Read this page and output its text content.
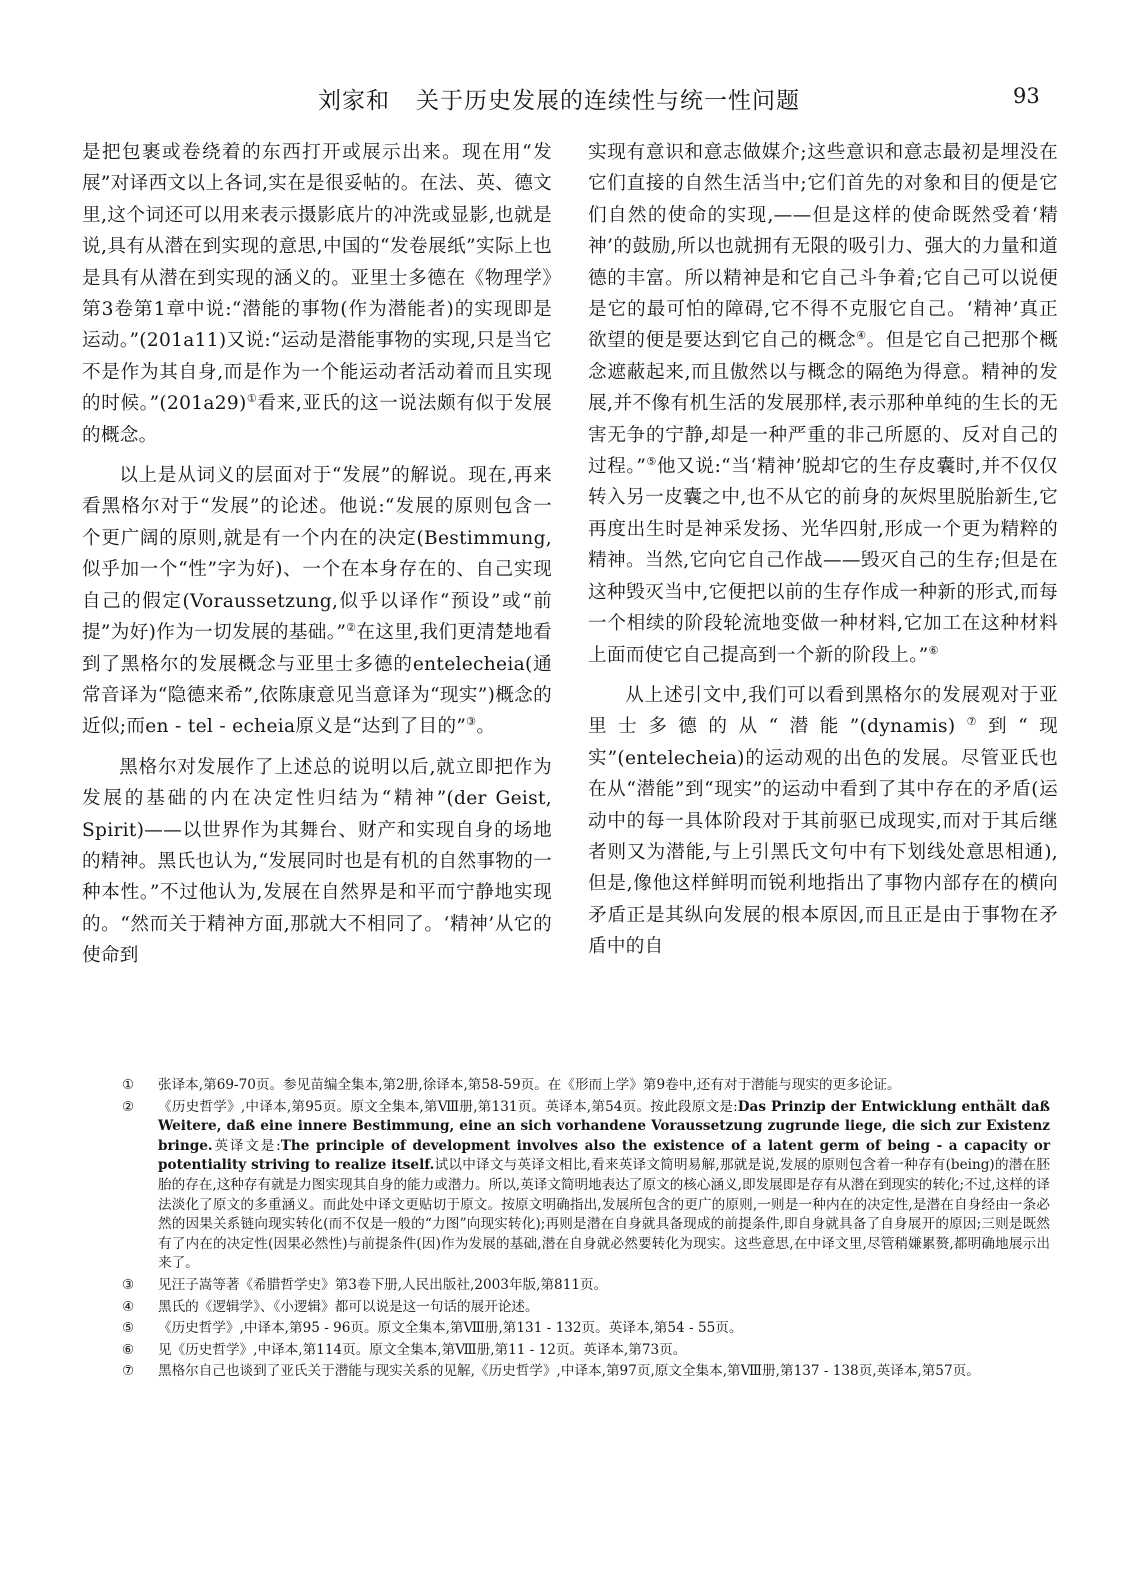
刘家和 关于历史发展的连续性与统一性问题	93

是把包裹或卷绕着的东西打开或展示出来。现在用“发展”对译西文以上各词,实在是很妥帖的。在法、英、德文里,这个词还可以用来表示摄影底片的冲洗或显影,也就是说,具有从潜在到实现的意思,中国的“发卷展纸”实际上也是具有从潜在到实现的涵义的。亚里士多德在《物理学》第3卷第1章中说:“潜能的事物(作为潜能者)的实现即是运动。”(201a11)又说:“运动是潜能事物的实现,只是当它不是作为其自身,而是作为一个能运动者活动着而且实现的时候。”(201a29)①看来,亚氏的这一说法颇有似于发展的概念。

以上是从词义的层面对于“发展”的解说。现在,再来看黑格尔对于“发展”的论述。他说:“发展的原则包含一个更广阔的原则,就是有一个内在的决定(Bestimmung,似乎加一个“性”字为好)、一个在本身存在的、自己实现自己的假定(Voraussetzung,似乎以译作“预设”或“前提”为好)作为一切发展的基础。”②在这里,我们更清楚地看到了黑格尔的发展概念与亚里士多德的entelecheia(通常音译为“隐德来希”,依陈康意见当意译为“现实”)概念的近似;而en - tel - echeia原义是“达到了目的”③。

黑格尔对发展作了上述总的说明以后,就立即把作为发展的基础的内在决定性归结为“精神”(der Geist, Spirit)——以世界作为其舞台、财产和实现自身的场地的精神。黑氏也认为,“发展同时也是有机的自然事物的一种本性。”不过他认为,发展在自然界是和平而宁静地实现的。“然而关于精神方面,那就大不相同了。‘精神’从它的使命到

实现有意识和意志做媒介;这些意识和意志最初是埋没在它们直接的自然生活当中;它们首先的对象和目的便是它们自然的使命的实现,——但是这样的使命既然受着‘精神’的鼓励,所以也就拥有无限的吸引力、强大的力量和道德的丰富。所以精神是和它自己斗争着;它自己可以说便是它的最可怕的障碍,它不得不克服它自己。‘精神’真正欲望的便是要达到它自己的概念④。但是它自己把那个概念遮蔽起来,而且傲然以与概念的隔绝为得意。精神的发展,并不像有机生活的发展那样,表示那种单纯的生长的无害无争的宁静,却是一种严重的非己所愿的、反对自己的过程。”⑤他又说:“当‘精神’脱却它的生存皮囊时,并不仅仅转入另一皮囊之中,也不从它的前身的灰烬里脱胎新生,它再度出生时是神采发扬、光华四射,形成一个更为精粹的精神。当然,它向它自己作战——毁灭自己的生存;但是在这种毁灭当中,它便把以前的生存作成一种新的形式,而每一个相续的阶段轮流地变做一种材料,它加工在这种材料上面而使它自己提高到一个新的阶段上。”⑥

从上述引文中,我们可以看到黑格尔的发展观对于亚里士多德的从“潜能”(dynamis)⑦到“现实”(entelecheia)的运动观的出色的发展。尽管亚氏也在从“潜能”到“现实”的运动中看到了其中存在的矛盾(运动中的每一具体阶段对于其前驱已成现实,而对于其后继者则又为潜能,与上引黑氏文句中有下划线处意思相通),但是,像他这样鲜明而锐利地指出了事物内部存在的横向矛盾正是其纵向发展的根本原因,而且正是由于事物在矛盾中的自

①	张译本,第69-70页。参见苗编全集本,第2册,徐译本,第58-59页。在《形而上学》第9卷中,还有对于潜能与现实的更多论证。
②	《历史哲学》,中译本,第95页。原文全集本,第Ⅷ册,第131页。英译本,第54页。按此段原文是:Das Prinzip der Entwicklung enthält daß Weitere, daß eine innere Bestimmung, eine an sich vorhandene Voraussetzung zugrunde liege, die sich zur Existenz bringe.英译文是:The principle of development involves also the existence of a latent germ of being - a capacity or potentiality striving to realize itself.试以中译文与英译文相比,看来英译文简明易解,那就是说,发展的原则包含着一种存有(being)的潜在胚胎的存在,这种存有就是力图实现其自身的能力或潜力。所以,英译文简明地表达了原文的核心涵义,即发展即是存有从潜在到现实的转化;不过,这样的译法淡化了原文的多重涵义。而此处中译文更贴切于原文。按原文明确指出,发展所包含的更广的原则,一则是一种内在的决定性,是潜在自身经由一条必然的因果关系链向现实转化(而不仅是一般的“力图”向现实转化);再则是潜在自身就具备现成的前提条件,即自身就具备了自身展开的原因;三则是既然有了内在的决定性(因果必然性)与前提条件(因)作为发展的基础,潜在自身就必然要转化为现实。这些意思,在中译文里,尽管稍嫌累赘,都明确地展示出来了。
③	见汪子嵩等著《希腊哲学史》第3卷下册,人民出版社,2003年版,第811页。
④	黑氏的《逻辑学》、《小逻辑》都可以说是这一句话的展开论述。
⑤	《历史哲学》,中译本,第95 - 96页。原文全集本,第Ⅷ册,第131 - 132页。英译本,第54 - 55页。
⑥	见《历史哲学》,中译本,第114页。原文全集本,第Ⅷ册,第11 - 12页。英译本,第73页。
⑦	黑格尔自己也谈到了亚氏关于潜能与现实关系的见解,《历史哲学》,中译本,第97页,原文全集本,第Ⅷ册,第137 - 138页,英译本,第57页。
